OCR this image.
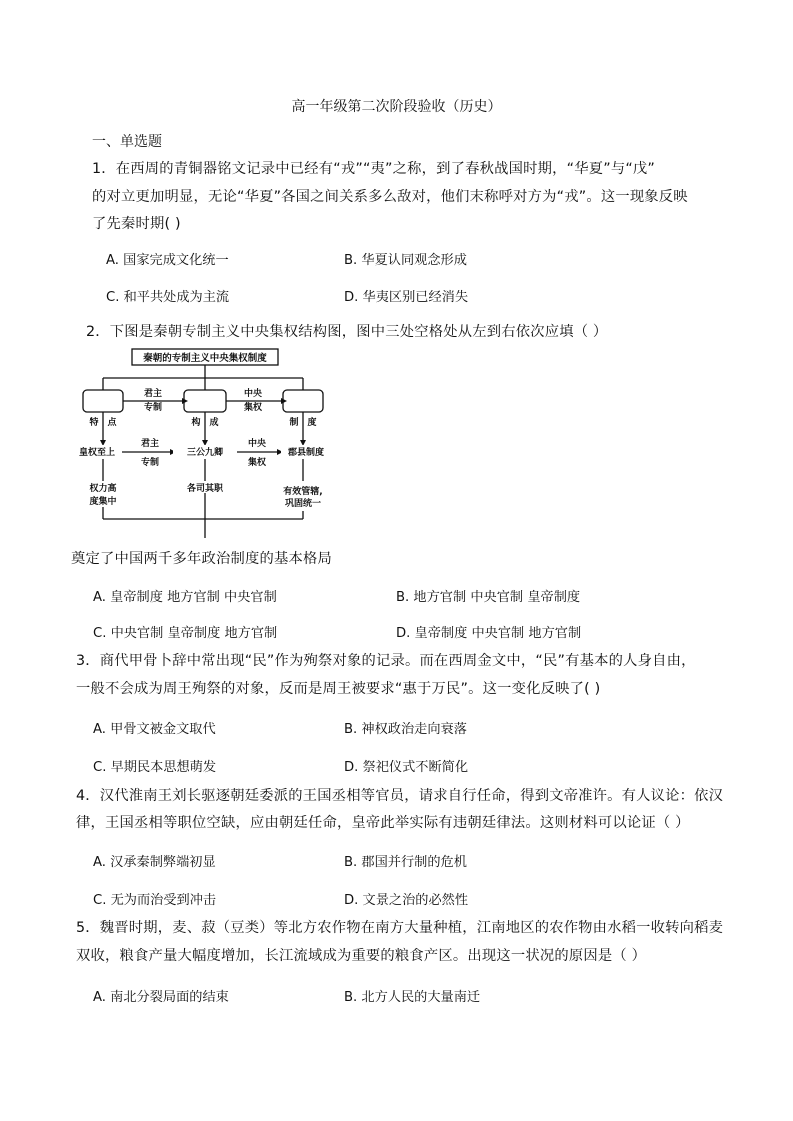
高一年级第二次阶段验收（历史）
一、单选题
1．在西周的青铜器铭文记录中已经有“戎”“夷”之称，到了春秋战国时期，“华夏”与“戊”
的对立更加明显，无论“华夏”各国之间关系多么敌对，他们末称呼对方为“戎”。这一现象反映
了先秦时期( )
A. 国家完成文化统一	B. 华夏认同观念形成
C. 和平共处成为主流	D. 华夷区别已经消失
2．下图是秦朝专制主义中央集权结构图，图中三处空格处从左到右依次应填（ ）
秦朝的专制主义中央集权制度
君主
专制
中央
集权
特　点	构　成	制　度
君主
专制
中央
集权
皇权至上	三公九卿	郡县制度
权力高
度集中
各司其职	有效管辖,
巩固统一
奠定了中国两千多年政治制度的基本格局
A. 皇帝制度 地方官制 中央官制	B. 地方官制 中央官制 皇帝制度
C. 中央官制 皇帝制度 地方官制	D. 皇帝制度 中央官制 地方官制
3．商代甲骨卜辞中常出现“民”作为殉祭对象的记录。而在西周金文中，“民”有基本的人身自由，
一般不会成为周王殉祭的对象，反而是周王被要求“惠于万民”。这一变化反映了( )
A. 甲骨文被金文取代	B. 神权政治走向衰落
C. 早期民本思想萌发	D. 祭祀仪式不断简化
4．汉代淮南王刘长驱逐朝廷委派的王国丞相等官员，请求自行任命，得到文帝准许。有人议论：依汉
律，王国丞相等职位空缺，应由朝廷任命，皇帝此举实际有违朝廷律法。这则材料可以论证（ ）
A. 汉承秦制弊端初显	B. 郡国并行制的危机
C. 无为而治受到冲击	D. 文景之治的必然性
5．魏晋时期，麦、菽（豆类）等北方农作物在南方大量种植，江南地区的农作物由水稻一收转向稻麦
双收，粮食产量大幅度增加，长江流域成为重要的粮食产区。出现这一状况的原因是（ ）
A. 南北分裂局面的结束	B. 北方人民的大量南迁
